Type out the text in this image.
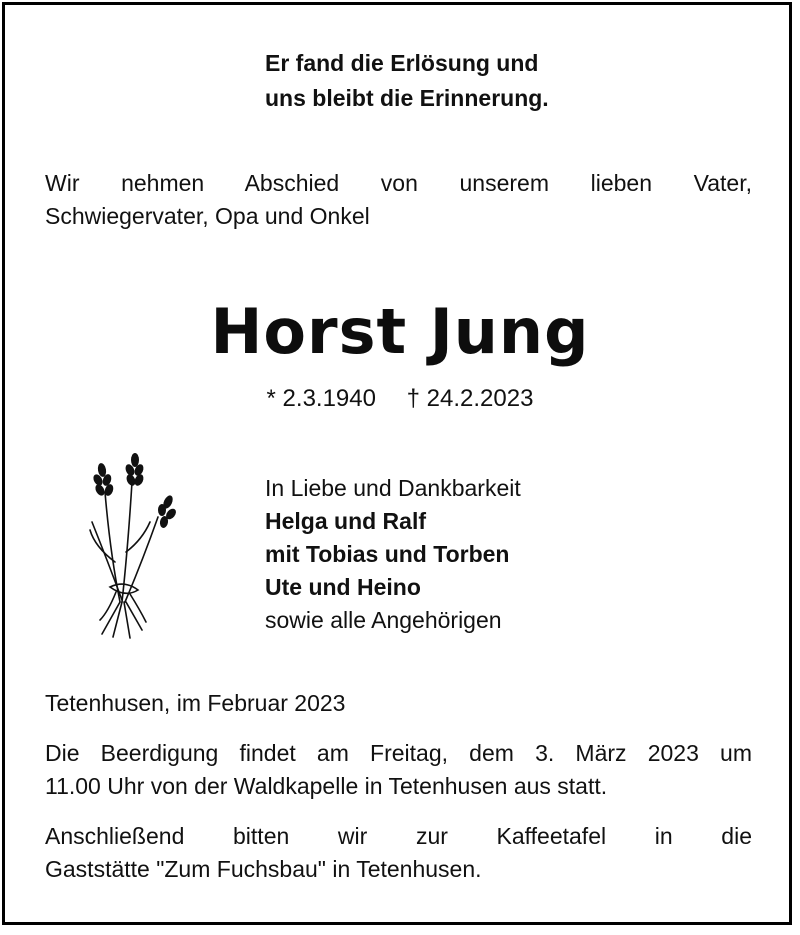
Er fand die Erlösung und
uns bleibt die Erinnerung.
Wir nehmen Abschied von unserem lieben Vater,
Schwiegervater, Opa und Onkel
Horst Jung
* 2.3.1940 † 24.2.2023
In Liebe und Dankbarkeit
Helga und Ralf
mit Tobias und Torben
Ute und Heino
sowie alle Angehörigen
Tetenhusen, im Februar 2023
Die Beerdigung findet am Freitag, dem 3. März 2023 um
11.00 Uhr von der Waldkapelle in Tetenhusen aus statt.
Anschließend bitten wir zur Kaffeetafel in die
Gaststätte "Zum Fuchsbau" in Tetenhusen.
